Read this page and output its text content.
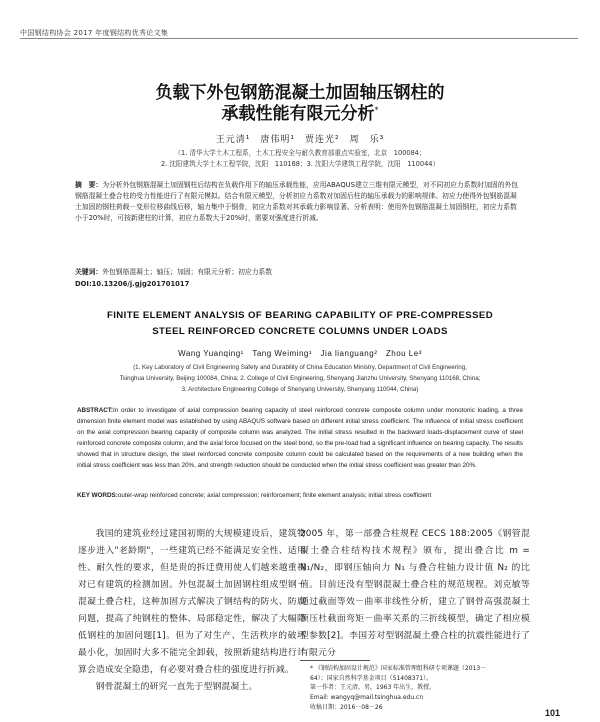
中国钢结构协会 2017 年度钢结构优秀论文集
负载下外包钢筋混凝土加固轴压钢柱的
承载性能有限元分析*
王元清¹　唐伟明¹　贾连光²　周　乐³
（1. 清华大学土木工程系，土木工程安全与耐久教育部重点实验室，北京　100084；
2. 沈阳建筑大学土木工程学院，沈阳　110168；3. 沈阳大学建筑工程学院，沈阳　110044）
摘　要：为分析外包钢筋混凝土加固钢柱后结构在负载作用下的轴压承载性能，应用ABAQUS建立三维有限元模型，对不同初应力系数时加固的外包钢筋混凝土叠合柱的受力性能进行了有限元模拟。结合有限元模型，分析初应力系数对加固后柱的轴压承载力的影响规律。初应力使得外包钢筋混凝土加固的钢柱荷载－变形位移曲线后移，轴力集中于钢骨，初应力系数对其承载力影响显著。分析表明：使用外包钢筋混凝土加固钢柱，初应力系数小于20%时，可按新建柱的计算，初应力系数大于20%时，需要对强度进行折减。
关键词：外包钢筋混凝土；轴压；加固；有限元分析；初应力系数
DOI:10.13206/j.gjg201701017
FINITE ELEMENT ANALYSIS OF BEARING CAPABILITY OF PRE-COMPRESSED
STEEL REINFORCED CONCRETE COLUMNS UNDER LOADS
Wang Yuanqing¹　Tang Weiming¹　Jia lianguang²　Zhou Le³
(1. Key Laboratory of Civil Engineering Safety and Durability of China Education Ministry, Department of Civil Engineering,
Tsinghua University, Beijing 100084, China; 2. College of Civil Engineering, Shenyang Jianzhu University, Shenyang 110168, China;
3. Architecture Engineering College of Shenyang University, Shenyang 110044, China)
ABSTRACT:In order to investigate of axial compression bearing capacity of steel reinforced concrete composite column under monotonic loading, a three dimension finite element model was established by using ABAQUS software based on different initial stress coefficient. The influence of initial stress coefficient on the axial compression bearing capacity of composite column was analyzed. The initial stress resulted in the backward loads-displacement curve of steel reinforced concrete composite column, and the axial force focused on the steel bond, so the pre-load had a significant influence on bearing capacity. The results showed that in structure design, the steel reinforced concrete composite column could be calculated based on the requirements of a new building when the initial stress coefficient was less than 20%, and strength reduction should be conducted when the initial stress coefficient was greater than 20%.
KEY WORDS:outer-wrap reinforced concrete; axial compression; reinforcement; finite element analysis; initial stress coefficient

我国的建筑业经过建国初期的大规模建设后，建筑物逐步进入"老龄期"，一些建筑已经不能满足安全性、适用性、耐久性的要求，但是贵的拆迁费用使人们越来越重视对已有建筑的检测加固。外包混凝土加固钢柱组成型钢－混凝土叠合柱，这种加固方式解决了钢结构的防火、防腐问题，提高了纯钢柱的整体、局部稳定性，解决了大幅降低钢柱的加固问题[1]。但为了对生产、生活秩序的破坏最小化，加固时大多不能完全卸载，按照新建结构进行计算会造成安全隐患，有必要对叠合柱的强度进行折减。

钢骨混凝土的研究一直先于型钢混凝土。

2005 年，第一部叠合柱规程 CECS 188:2005《钢管混凝土叠合柱结构技术规程》颁布，提出叠合比 m = N₁/N₂，即钢压轴向力 N₁ 与叠合柱轴力设计值 N₂ 的比值。目前还没有型钢混凝土叠合柱的规范规程。刘克敏等通过截面等效－曲率非线性分析，建立了钢骨高强混凝土预压杜截面弯矩－曲率关系的三折线模型，确定了相应模型参数[2]。李国芳对型钢混凝土叠合柱的抗震性能进行了有限元分

* 《钢结构加固设计规范》国家标准管理组科研专项课题（2013－
64）；国家自然科学基金项目（51408371）。
第一作者：王元清，男，1963 年出生，教授。
Email: wangyq@mail.tsinghua.edu.cn
收稿日期：2016－08－26
101
